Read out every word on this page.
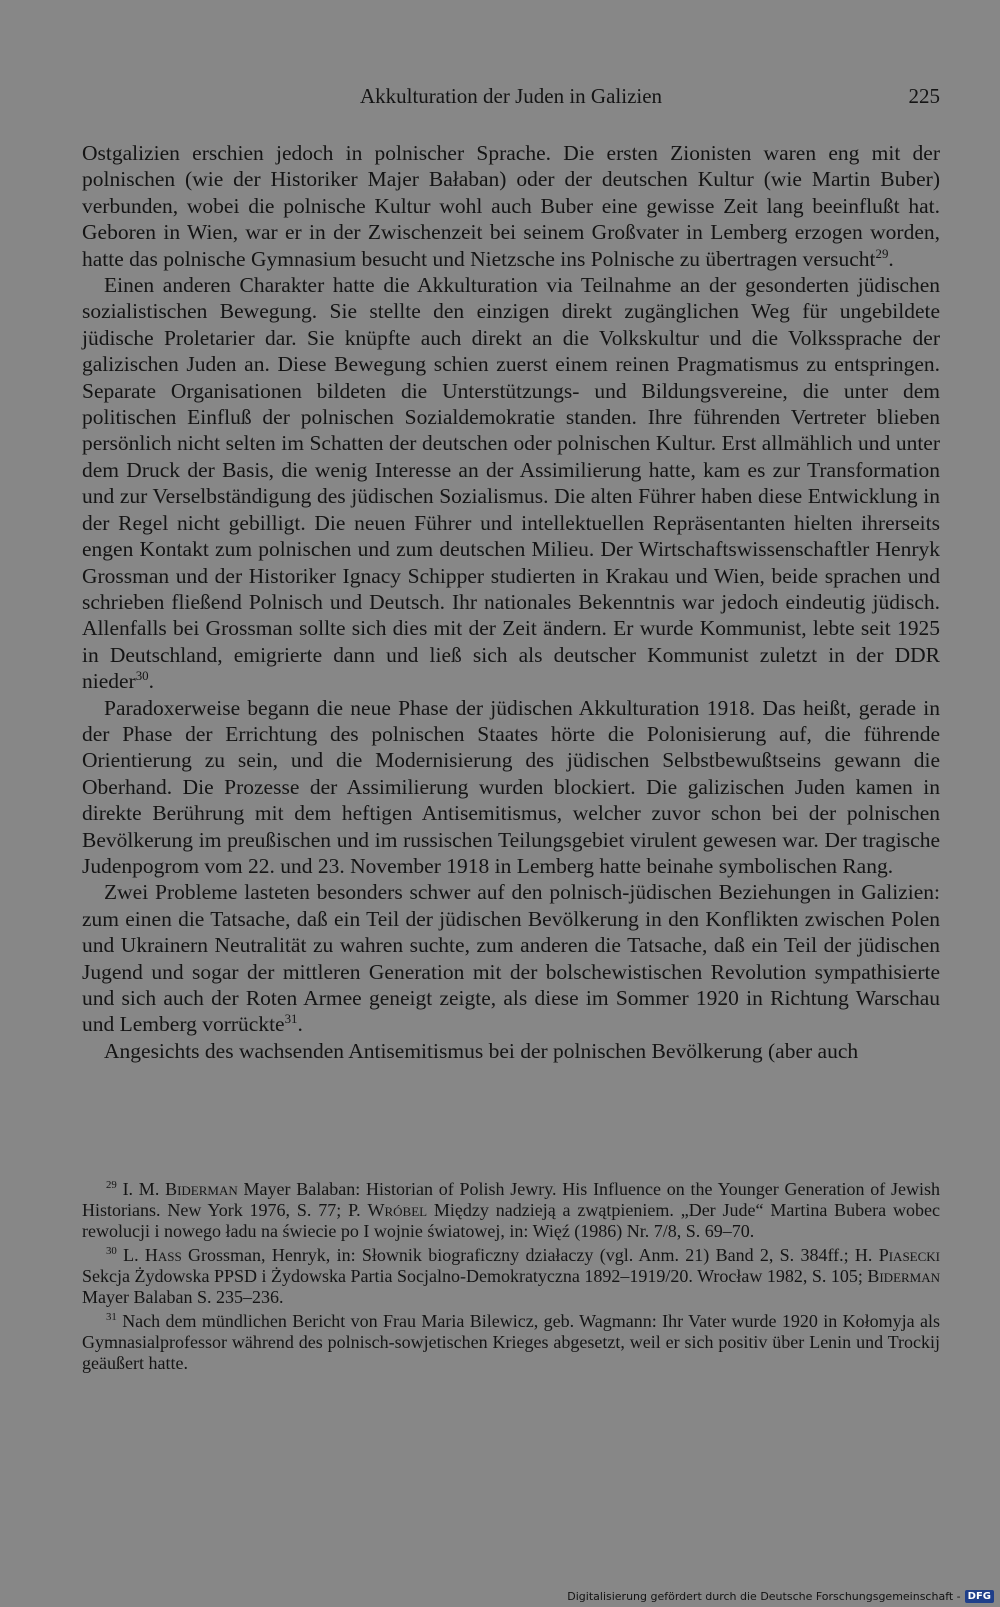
Akkulturation der Juden in Galizien	225

Ostgalizien erschien jedoch in polnischer Sprache. Die ersten Zionisten waren eng mit der polnischen (wie der Historiker Majer Bałaban) oder der deutschen Kultur (wie Martin Buber) verbunden, wobei die polnische Kultur wohl auch Buber eine gewisse Zeit lang beeinflußt hat. Geboren in Wien, war er in der Zwischenzeit bei seinem Großvater in Lemberg erzogen worden, hatte das polnische Gymnasium besucht und Nietzsche ins Polnische zu übertragen versucht$^{29}$.

Einen anderen Charakter hatte die Akkulturation via Teilnahme an der gesonderten jüdischen sozialistischen Bewegung. Sie stellte den einzigen direkt zugänglichen Weg für ungebildete jüdische Proletarier dar. Sie knüpfte auch direkt an die Volkskultur und die Volkssprache der galizischen Juden an. Diese Bewegung schien zuerst einem reinen Pragmatismus zu entspringen. Separate Organisationen bildeten die Unterstützungs- und Bildungsvereine, die unter dem politischen Einfluß der polnischen Sozialdemokratie standen. Ihre führenden Vertreter blieben persönlich nicht selten im Schatten der deutschen oder polnischen Kultur. Erst allmählich und unter dem Druck der Basis, die wenig Interesse an der Assimilierung hatte, kam es zur Transformation und zur Verselbständigung des jüdischen Sozialismus. Die alten Führer haben diese Entwicklung in der Regel nicht gebilligt. Die neuen Führer und intellektuellen Repräsentanten hielten ihrerseits engen Kontakt zum polnischen und zum deutschen Milieu. Der Wirtschaftswissenschaftler Henryk Grossman und der Historiker Ignacy Schipper studierten in Krakau und Wien, beide sprachen und schrieben fließend Polnisch und Deutsch. Ihr nationales Bekenntnis war jedoch eindeutig jüdisch. Allenfalls bei Grossman sollte sich dies mit der Zeit ändern. Er wurde Kommunist, lebte seit 1925 in Deutschland, emigrierte dann und ließ sich als deutscher Kommunist zuletzt in der DDR nieder$^{30}$.

Paradoxerweise begann die neue Phase der jüdischen Akkulturation 1918. Das heißt, gerade in der Phase der Errichtung des polnischen Staates hörte die Polonisierung auf, die führende Orientierung zu sein, und die Modernisierung des jüdischen Selbstbewußtseins gewann die Oberhand. Die Prozesse der Assimilierung wurden blockiert. Die galizischen Juden kamen in direkte Berührung mit dem heftigen Antisemitismus, welcher zuvor schon bei der polnischen Bevölkerung im preußischen und im russischen Teilungsgebiet virulent gewesen war. Der tragische Judenpogrom vom 22. und 23. November 1918 in Lemberg hatte beinahe symbolischen Rang.

Zwei Probleme lasteten besonders schwer auf den polnisch-jüdischen Beziehungen in Galizien: zum einen die Tatsache, daß ein Teil der jüdischen Bevölkerung in den Konflikten zwischen Polen und Ukrainern Neutralität zu wahren suchte, zum anderen die Tatsache, daß ein Teil der jüdischen Jugend und sogar der mittleren Generation mit der bolschewistischen Revolution sympathisierte und sich auch der Roten Armee geneigt zeigte, als diese im Sommer 1920 in Richtung Warschau und Lemberg vorrückte$^{31}$.

Angesichts des wachsenden Antisemitismus bei der polnischen Bevölkerung (aber auch

$^{29}$ I. M. Biderman Mayer Balaban: Historian of Polish Jewry. His Influence on the Younger Generation of Jewish Historians. New York 1976, S. 77; P. Wróbel Między nadzieją a zwątpieniem. „Der Jude“ Martina Bubera wobec rewolucji i nowego ładu na świecie po I wojnie światowej, in: Więź (1986) Nr. 7/8, S. 69–70.

$^{30}$ L. Hass Grossman, Henryk, in: Słownik biograficzny działaczy (vgl. Anm. 21) Band 2, S. 384ff.; H. Piasecki Sekcja Żydowska PPSD i Żydowska Partia Socjalno-Demokratyczna 1892–1919/20. Wrocław 1982, S. 105; Biderman Mayer Balaban S. 235–236.

$^{31}$ Nach dem mündlichen Bericht von Frau Maria Bilewicz, geb. Wagmann: Ihr Vater wurde 1920 in Kołomyja als Gymnasialprofessor während des polnisch-sowjetischen Krieges abgesetzt, weil er sich positiv über Lenin und Trockij geäußert hatte.

Digitalisierung gefördert durch die Deutsche Forschungsgemeinschaft - DFG
